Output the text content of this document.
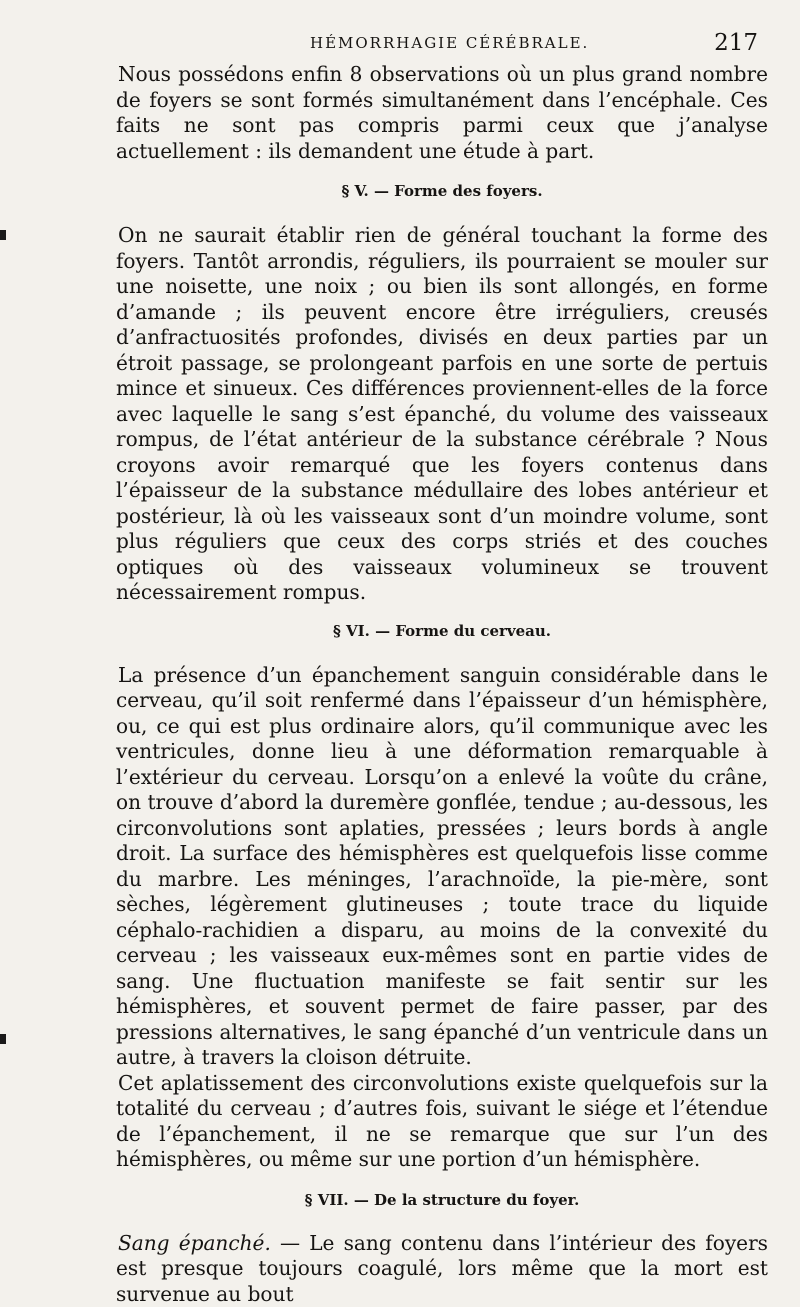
HÉMORRHAGIE CÉRÉBRALE.	217

Nous possédons enfin 8 observations où un plus grand nombre de foyers se sont formés simultanément dans l’encéphale. Ces faits ne sont pas compris parmi ceux que j’analyse actuellement : ils demandent une étude à part.

§ V. — Forme des foyers.

On ne saurait établir rien de général touchant la forme des foyers. Tantôt arrondis, réguliers, ils pourraient se mouler sur une noisette, une noix ; ou bien ils sont allongés, en forme d’amande ; ils peuvent encore être irréguliers, creusés d’anfractuosités profondes, divisés en deux parties par un étroit passage, se prolongeant parfois en une sorte de pertuis mince et sinueux. Ces différences proviennent-elles de la force avec laquelle le sang s’est épanché, du volume des vaisseaux rompus, de l’état antérieur de la substance cérébrale ? Nous croyons avoir remarqué que les foyers contenus dans l’épaisseur de la substance médullaire des lobes antérieur et postérieur, là où les vaisseaux sont d’un moindre volume, sont plus réguliers que ceux des corps striés et des couches optiques où des vaisseaux volumineux se trouvent nécessairement rompus.

§ VI. — Forme du cerveau.

La présence d’un épanchement sanguin considérable dans le cerveau, qu’il soit renfermé dans l’épaisseur d’un hémisphère, ou, ce qui est plus ordinaire alors, qu’il communique avec les ventricules, donne lieu à une déformation remarquable à l’extérieur du cerveau. Lorsqu’on a enlevé la voûte du crâne, on trouve d’abord la duremère gonflée, tendue ; au-dessous, les circonvolutions sont aplaties, pressées ; leurs bords à angle droit. La surface des hémisphères est quelquefois lisse comme du marbre. Les méninges, l’arachnoïde, la pie-mère, sont sèches, légèrement glutineuses ; toute trace du liquide céphalo-rachidien a disparu, au moins de la convexité du cerveau ; les vaisseaux eux-mêmes sont en partie vides de sang. Une fluctuation manifeste se fait sentir sur les hémisphères, et souvent permet de faire passer, par des pressions alternatives, le sang épanché d’un ventricule dans un autre, à travers la cloison détruite.

Cet aplatissement des circonvolutions existe quelquefois sur la totalité du cerveau ; d’autres fois, suivant le siége et l’étendue de l’épanchement, il ne se remarque que sur l’un des hémisphères, ou même sur une portion d’un hémisphère.

§ VII. — De la structure du foyer.

Sang épanché. — Le sang contenu dans l’intérieur des foyers est presque toujours coagulé, lors même que la mort est survenue au bout
